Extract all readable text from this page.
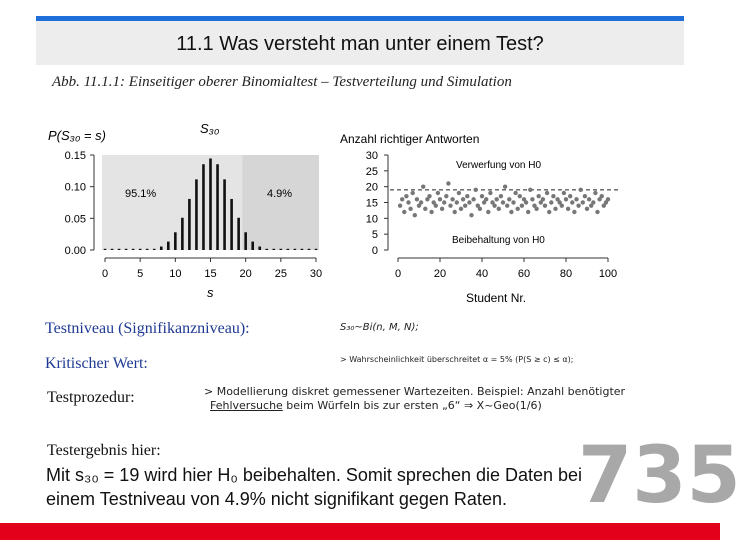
11.1 Was versteht man unter einem Test?
Abb. 11.1.1: Einseitiger oberer Binomialtest – Testverteilung und Simulation
0.15
0.10
0.05
0.00
0	5 10 15 20 25 30
P(S₃₀ = s)	S₃₀
s
95.1%	4.9%
Anzahl richtiger Antworten
30
25
20
15
10
5
0
0	20	40	60	80 100
Verwerfung von H0
Beibehaltung von H0
Student Nr.
Testniveau (Signifikanzniveau):	S₃₀~Bi(n, M, N);
Kritischer Wert:	> Wahrscheinlichkeit überschreitet α = 5% (P(S ≥ c) ≤ α);
Testprozedur:	> Modellierung diskret gemessener Wartezeiten. Beispiel: Anzahl benötigter
Fehlversuche beim Würfeln bis zur ersten „6“ ⇒ X~Geo(1/6)
Testergebnis hier:	735
Mit s₃₀ = 19 wird hier H₀ beibehalten. Somit sprechen die Daten bei
einem Testniveau von 4.9% nicht signifikant gegen Raten.
